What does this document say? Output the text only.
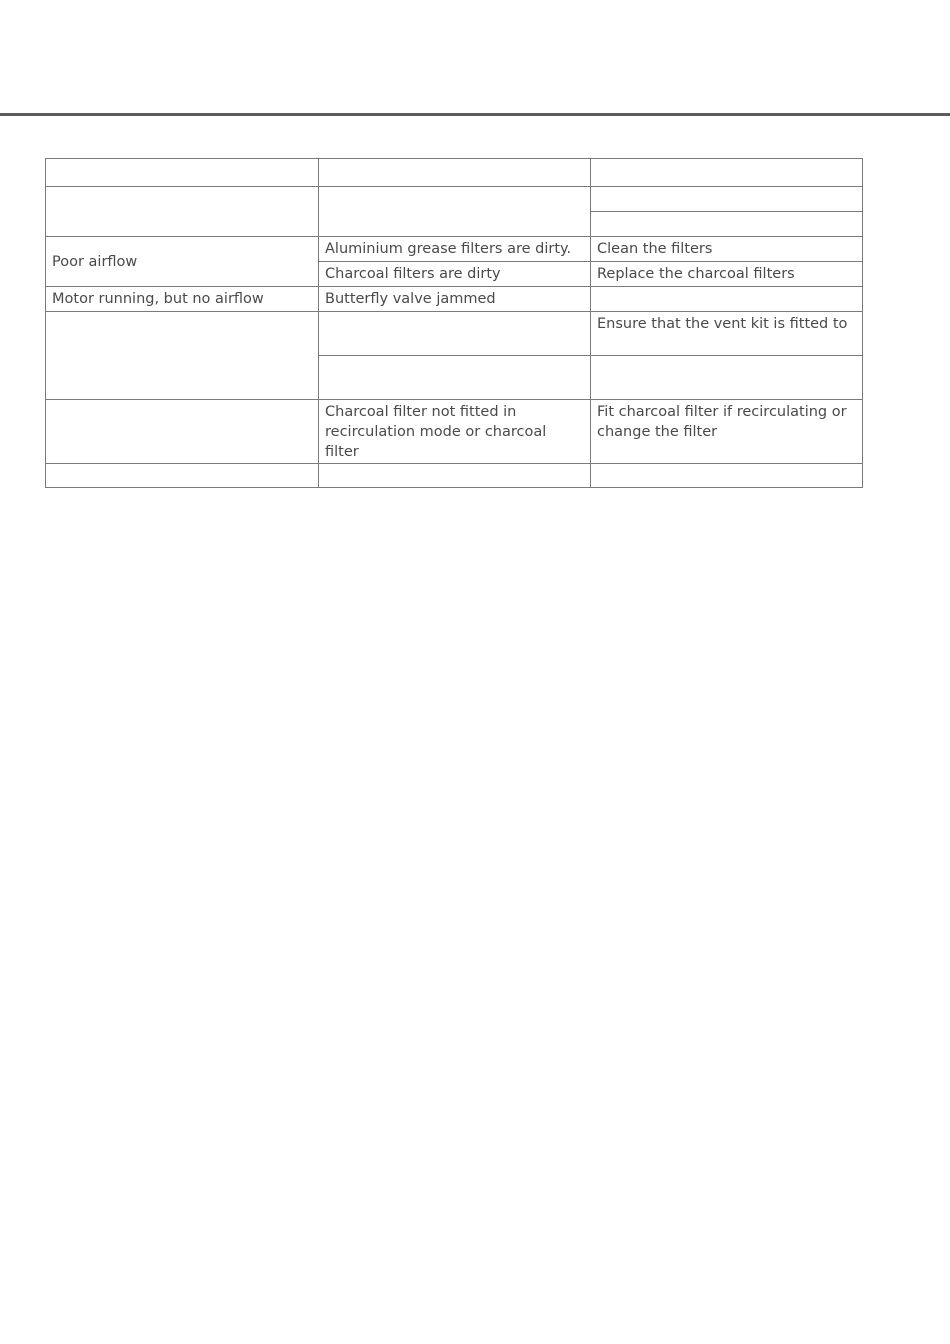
Poor airflow	Aluminium grease filters are dirty.	Clean the filters
	Charcoal filters are dirty	Replace the charcoal filters
Motor running, but no airflow	Butterfly valve jammed	
		Ensure that the vent kit is fitted to

	Charcoal filter not fitted in recirculation mode or charcoal filter	Fit charcoal filter if recirculating or change the filter
